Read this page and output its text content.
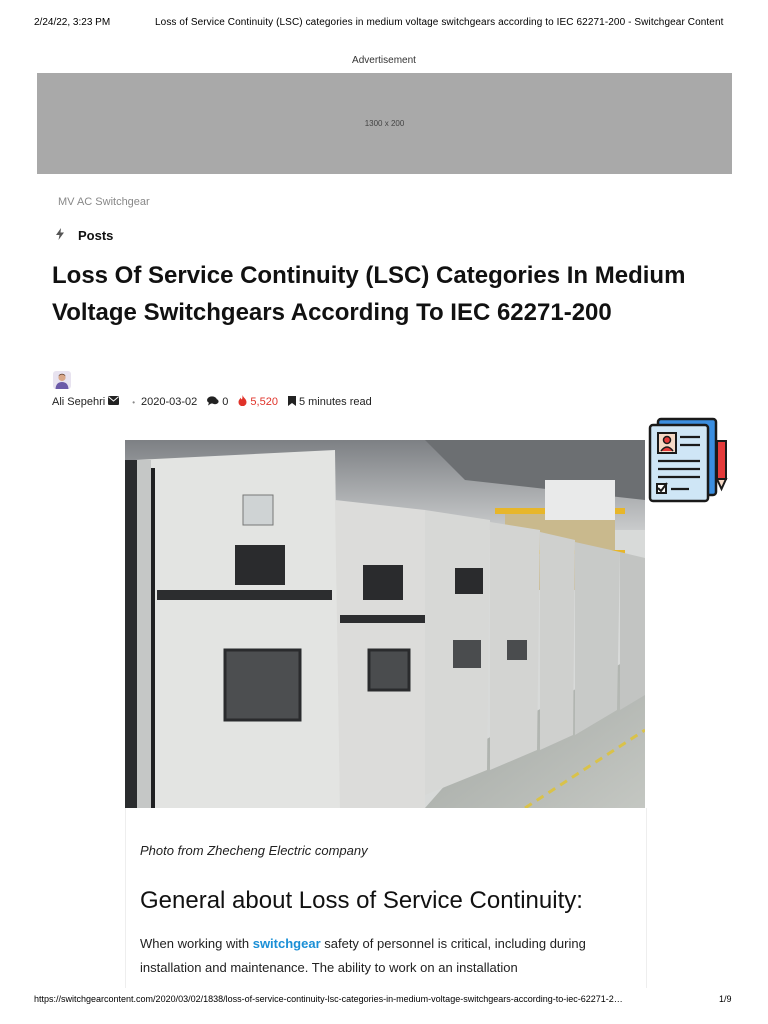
2/24/22, 3:23 PM	Loss of Service Continuity (LSC) categories in medium voltage switchgears according to IEC 62271-200 - Switchgear Content
Advertisement
1300 x 200
MV AC Switchgear
Posts
Loss Of Service Continuity (LSC) Categories In Medium Voltage Switchgears According To IEC 62271-200
Ali Sepehri	• 2020-03-02 0 5,520 5 minutes read
Photo from Zhecheng Electric company
General about Loss of Service Continuity:

When working with switchgear safety of personnel is critical, including during installation and maintenance. The ability to work on an installation

https://switchgearcontent.com/2020/03/02/1838/loss-of-service-continuity-lsc-categories-in-medium-voltage-switchgears-according-to-iec-62271-2…	1/9
